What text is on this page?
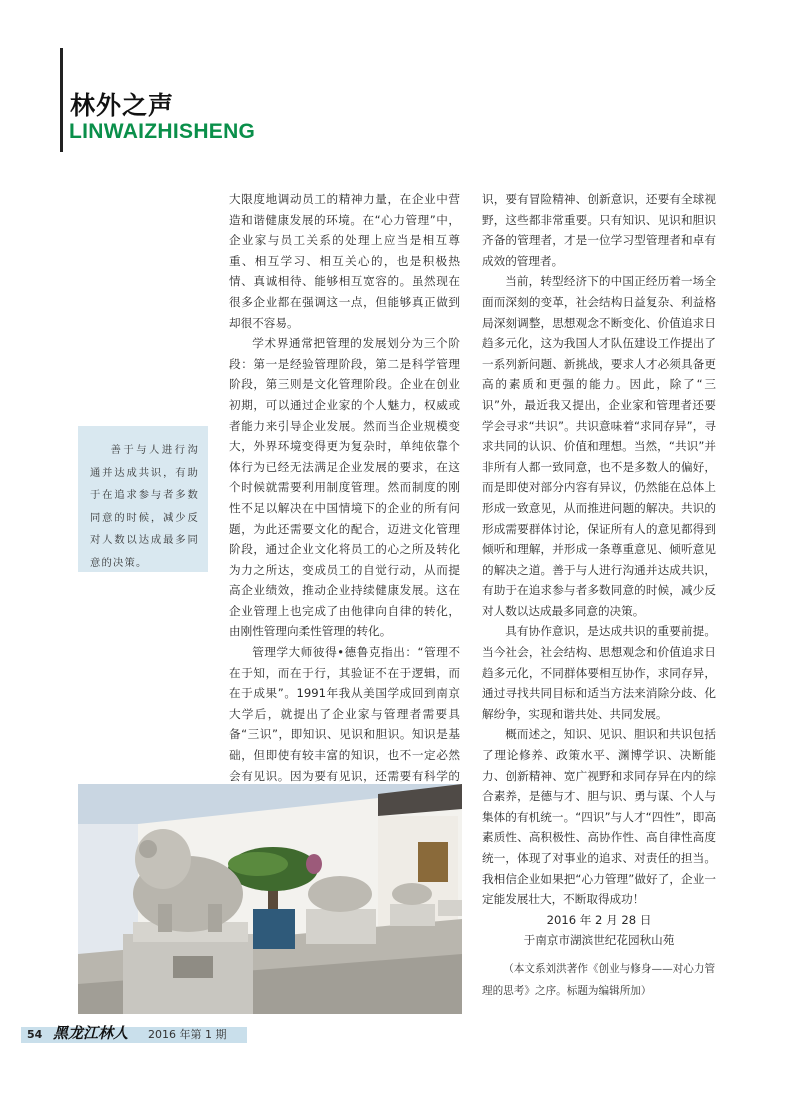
林外之声
LINWAIZHISHENG

大限度地调动员工的精神力量，在企业中营造和谐健康发展的环境。在“心力管理”中，企业家与员工关系的处理上应当是相互尊重、相互学习、相互关心的，也是积极热情、真诚相待、能够相互宽容的。虽然现在很多企业都在强调这一点，但能够真正做到却很不容易。

学术界通常把管理的发展划分为三个阶段：第一是经验管理阶段，第二是科学管理阶段，第三则是文化管理阶段。企业在创业初期，可以通过企业家的个人魅力，权威或者能力来引导企业发展。然而当企业规模变大，外界环境变得更为复杂时，单纯依靠个体行为已经无法满足企业发展的要求，在这个时候就需要利用制度管理。然而制度的刚性不足以解决在中国情境下的企业的所有问题，为此还需要文化的配合，迈进文化管理阶段，通过企业文化将员工的心之所及转化为力之所达，变成员工的自觉行动，从而提高企业绩效，推动企业持续健康发展。这在企业管理上也完成了由他律向自律的转化，由刚性管理向柔性管理的转化。

管理学大师彼得•德鲁克指出：“管理不在于知，而在于行，其验证不在于逻辑，而在于成果”。1991年我从美国学成回到南京大学后，就提出了企业家与管理者需要具备“三识”，即知识、见识和胆识。知识是基础，但即使有较丰富的知识，也不一定必然会有见识。因为要有见识，还需要有科学的

识，要有冒险精神、创新意识，还要有全球视野，这些都非常重要。只有知识、见识和胆识齐备的管理者，才是一位学习型管理者和卓有成效的管理者。

当前，转型经济下的中国正经历着一场全面而深刻的变革，社会结构日益复杂、利益格局深刻调整，思想观念不断变化、价值追求日趋多元化，这为我国人才队伍建设工作提出了一系列新问题、新挑战，要求人才必须具备更高的素质和更强的能力。因此，除了“三识”外，最近我又提出，企业家和管理者还要学会寻求“共识”。共识意味着“求同存异”，寻求共同的认识、价值和理想。当然，“共识”并非所有人都一致同意，也不是多数人的偏好，而是即使对部分内容有异议，仍然能在总体上形成一致意见，从而推进问题的解决。共识的形成需要群体讨论，保证所有人的意见都得到倾听和理解，并形成一条尊重意见、倾听意见的解决之道。善于与人进行沟通并达成共识，有助于在追求参与者多数同意的时候，减少反对人数以达成最多同意的决策。

具有协作意识，是达成共识的重要前提。当今社会，社会结构、思想观念和价值追求日趋多元化，不同群体要相互协作，求同存异，通过寻找共同目标和适当方法来消除分歧、化解纷争，实现和谐共处、共同发展。

概而述之，知识、见识、胆识和共识包括了理论修养、政策水平、渊博学识、决断能力、创新精神、宽广视野和求同存异在内的综合素养，是德与才、胆与识、勇与谋、个人与集体的有机统一。“四识”与人才“四性”，即高素质性、高积极性、高协作性、高自律性高度统一，体现了对事业的追求、对责任的担当。我相信企业如果把“心力管理”做好了，企业一定能发展壮大，不断取得成功！

2016 年 2 月 28 日

于南京市湖滨世纪花园秋山苑

善于与人进行沟通并达成共识，有助于在追求参与者多数同意的时候，减少反对人数以达成最多同意的决策。

（本文系刘洪著作《创业与修身——对心力管理的思考》之序。标题为编辑所加）

54 黑龙江林人 2016 年第 1 期
